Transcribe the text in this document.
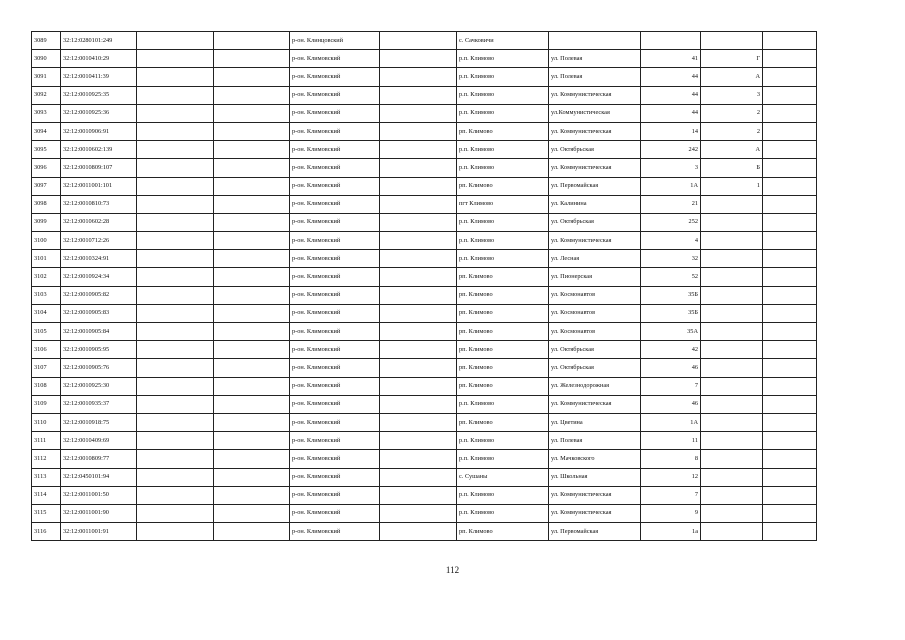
3089	32:12:0280101:249			р-он. Клинцовский		с. Сачковичи				
3090	32:12:0010410:29			р-он. Климовский		р.п. Климово	ул. Полевая	41	Г	
3091	32:12:0010411:39			р-он. Климовский		р.п. Климово	ул. Полевая	44	А	
3092	32:12:0010925:35			р-он. Климовский		р.п. Климово	ул. Коммунистическая	44	3	
3093	32:12:0010925:36			р-он. Климовский		р.п. Климово	ул.Коммунистическая	44	2	
3094	32:12:0010906:91			р-он. Климовский		рп. Климово	ул. Коммунистическая	14	2	
3095	32:12:0010602:139			р-он. Климовский		р.п. Климово	ул. Октябрьская	242	А	
3096	32:12:0010809:107			р-он. Климовский		р.п. Климово	ул. Коммунистическая	3	Б	
3097	32:12:0011001:101			р-он. Климовский		рп. Климово	ул. Первомайская	1А	1	
3098	32:12:0010810:73			р-он. Климовский		пгт Климово	ул. Калинина	21		
3099	32:12:0010602:28			р-он. Климовский		р.п. Климово	ул. Октябрьская	252		
3100	32:12:0010712:26			р-он. Климовский		р.п. Климово	ул. Коммунистическая	4		
3101	32:12:0010324:91			р-он. Климовский		р.п. Климово	ул. Лесная	32		
3102	32:12:0010924:34			р-он. Климовский		рп. Климово	ул. Пионерская	52		
3103	32:12:0010905:82			р-он. Климовский		рп. Климово	ул. Космонавтов	35Б		
3104	32:12:0010905:83			р-он. Климовский		рп. Климово	ул. Космонавтов	35Б		
3105	32:12:0010905:84			р-он. Климовский		рп. Климово	ул. Космонавтов	35А		
3106	32:12:0010905:95			р-он. Климовский		рп. Климово	ул. Октябрьская	42		
3107	32:12:0010905:76			р-он. Климовский		рп. Климово	ул. Октябрьская	46		
3108	32:12:0010925:30			р-он. Климовский		рп. Климово	ул. Железнодорожная	7		
3109	32:12:0010935:37			р-он. Климовский		р.п. Климово	ул. Коммунистическая	46		
3110	32:12:0010918:75			р-он. Климовский		рп. Климово	ул. Цветина	1А		
3111	32:12:0010409:69			р-он. Климовский		р.п. Климово	ул. Полевая	11		
3112	32:12:0010809:77			р-он. Климовский		р.п. Климово	ул. Мачковского	8		
3113	32:12:0450101:94			р-он. Климовский		с. Сушаны	ул. Школьная	12		
3114	32:12:0011001:50			р-он. Климовский		р.п. Климово	ул. Коммунистическая	7		
3115	32:12:0011001:90			р-он. Климовский		р.п. Климово	ул. Коммунистическая	9		
3116	32:12:0011001:91			р-он. Климовский		рп. Климово	ул. Первомайская	1а		
112
